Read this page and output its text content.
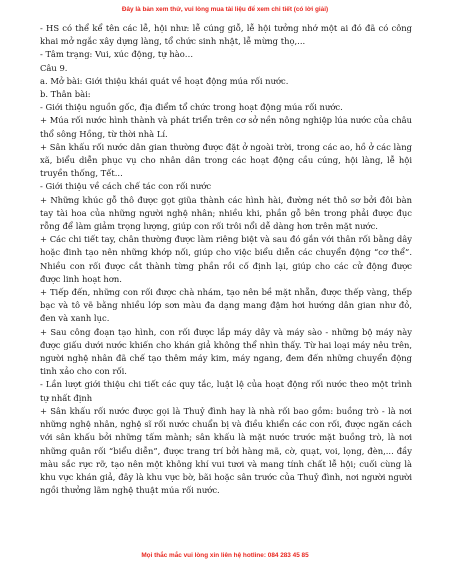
Đây là bản xem thử, vui lòng mua tài liệu để xem chi tiết (có lời giải)

- HS có thể kể tên các lễ, hội như: lễ cúng giỗ, lễ hội tưởng nhớ một ai đó đã có công khai mở ngắc xây dựng làng, tổ chức sinh nhật, lễ mừng thọ,...

- Tâm trạng: Vui, xúc động, tự hào…

Câu 9.

a. Mở bài: Giới thiệu khái quát về hoạt động múa rối nước.

b. Thân bài:

- Giới thiệu nguồn gốc, địa điểm tổ chức trong hoạt động múa rối nước.

+ Múa rối nước hình thành và phát triển trên cơ sở nền nông nghiệp lúa nước của châu thổ sông Hồng, từ thời nhà Lí.

+ Sân khấu rối nước dân gian thường được đặt ở ngoài trời, trong các ao, hồ ở các làng xã, biểu diễn phục vụ cho nhân dân trong các hoạt động cầu cúng, hội làng, lễ hội truyền thống, Tết...

- Giới thiệu về cách chế tác con rối nước

+ Những khúc gỗ thô được gọt giũa thành các hình hài, đường nét thô sơ bởi đôi bàn tay tài hoa của những người nghệ nhân; nhiều khi, phần gỗ bên trong phải được đục rỗng để làm giảm trọng lượng, giúp con rối trôi nổi dễ dàng hơn trên mặt nước.

+ Các chi tiết tay, chân thường được làm riêng biệt và sau đó gắn với thân rối bằng dây hoặc đinh tạo nên những khớp nối, giúp cho việc biểu diễn các chuyển động “cơ thể”. Nhiều con rối được cắt thành từng phần rồi cố định lại, giúp cho các cử động được được linh hoạt hơn.

+ Tiếp đến, những con rối được chà nhám, tạo nên bề mặt nhẵn, được thếp vàng, thếp bạc và tô vẽ bằng nhiều lớp sơn màu đa dạng mang đậm hơi hướng dân gian như đỏ, đen và xanh lục.

+ Sau công đoạn tạo hình, con rối được lắp máy dây và máy sào - những bộ máy này được giấu dưới nước khiến cho khán giả không thể nhìn thấy. Từ hai loại máy nêu trên, người nghệ nhân đã chế tạo thêm máy kim, máy ngang, đem đến những chuyển động tinh xảo cho con rối.

- Lần lượt giới thiệu chi tiết các quy tắc, luật lệ của hoạt động rối nước theo một trình tự nhất định

+ Sân khấu rối nước được gọi là Thuỷ đình hay là nhà rối bao gồm: buồng trò - là nơi những nghệ nhân, nghệ sĩ rối nước chuẩn bị và điều khiển các con rối, được ngăn cách với sân khấu bởi những tấm mành; sân khấu là mặt nước trước mặt buồng trò, là nơi những quân rối “biểu diễn”, được trang trí bởi hàng mã, cờ, quạt, voi, lọng, đèn,... đầy màu sắc rực rỡ, tạo nên một không khí vui tươi và mang tính chất lễ hội; cuối cùng là khu vực khán giả, đây là khu vực bờ, bãi hoặc sân trước của Thuỷ đình, nơi người người ngồi thưởng lãm nghệ thuật múa rối nước.

Mọi thắc mắc vui lòng xin liên hệ hotline: 084 283 45 85
